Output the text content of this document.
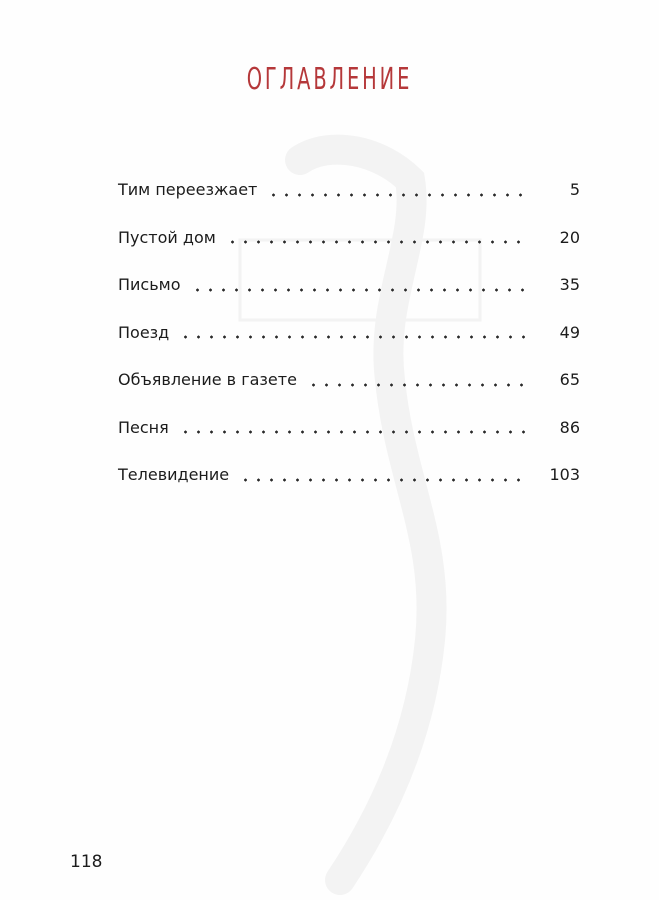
ОГЛАВЛЕНИЕ
Тим переезжает	5
Пустой дом	20
Письмо	35
Поезд	49
Объявление в газете	65
Песня	86
Телевидение	103
118
